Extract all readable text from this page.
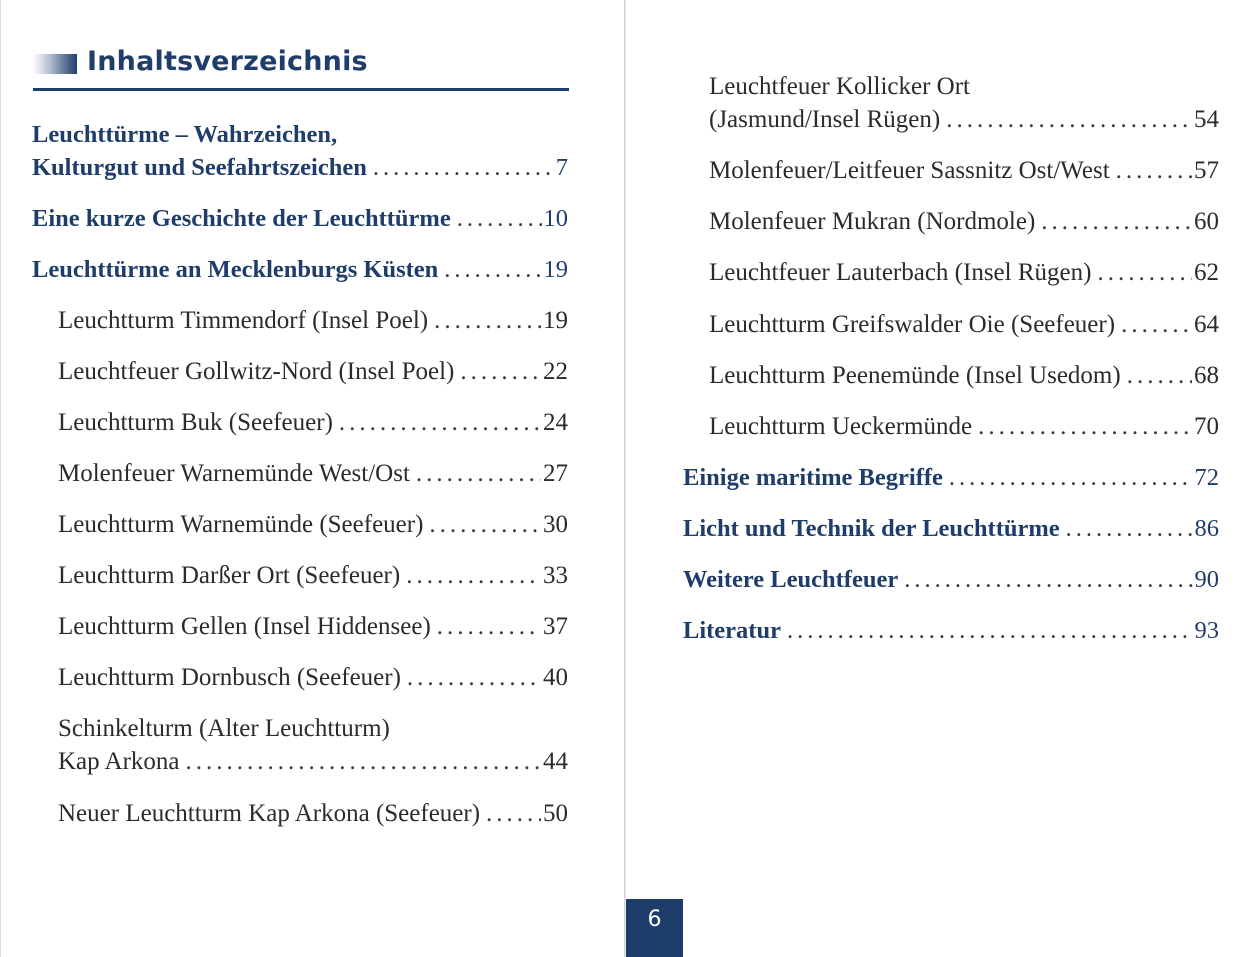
Inhaltsverzeichnis
Leuchttürme – Wahrzeichen,
Kulturgut und Seefahrtszeichen .....	7
Eine kurze Geschichte der Leuchttürme .....	10
Leuchttürme an Mecklenburgs Küsten .....	19
Leuchtturm Timmendorf (Insel Poel) .....	19
Leuchtfeuer Gollwitz-Nord (Insel Poel) .....	22
Leuchtturm Buk (Seefeuer) .....	24
Molenfeuer Warnemünde West/Ost .....	27
Leuchtturm Warnemünde (Seefeuer) .....	30
Leuchtturm Darßer Ort (Seefeuer) .....	33
Leuchtturm Gellen (Insel Hiddensee) .....	37
Leuchtturm Dornbusch (Seefeuer) .....	40
Schinkelturm (Alter Leuchtturm)
Kap Arkona .....	44
Neuer Leuchtturm Kap Arkona (Seefeuer) .....	50
Leuchtfeuer Kollicker Ort
(Jasmund/Insel Rügen) .....	54
Molenfeuer/Leitfeuer Sassnitz Ost/West .....	57
Molenfeuer Mukran (Nordmole) .....	60
Leuchtfeuer Lauterbach (Insel Rügen) .....	62
Leuchtturm Greifswalder Oie (Seefeuer) .....	64
Leuchtturm Peenemünde (Insel Usedom) .....	68
Leuchtturm Ueckermünde .....	70
Einige maritime Begriffe .....	72
Licht und Technik der Leuchttürme .....	86
Weitere Leuchtfeuer .....	90
Literatur .....	93
6
